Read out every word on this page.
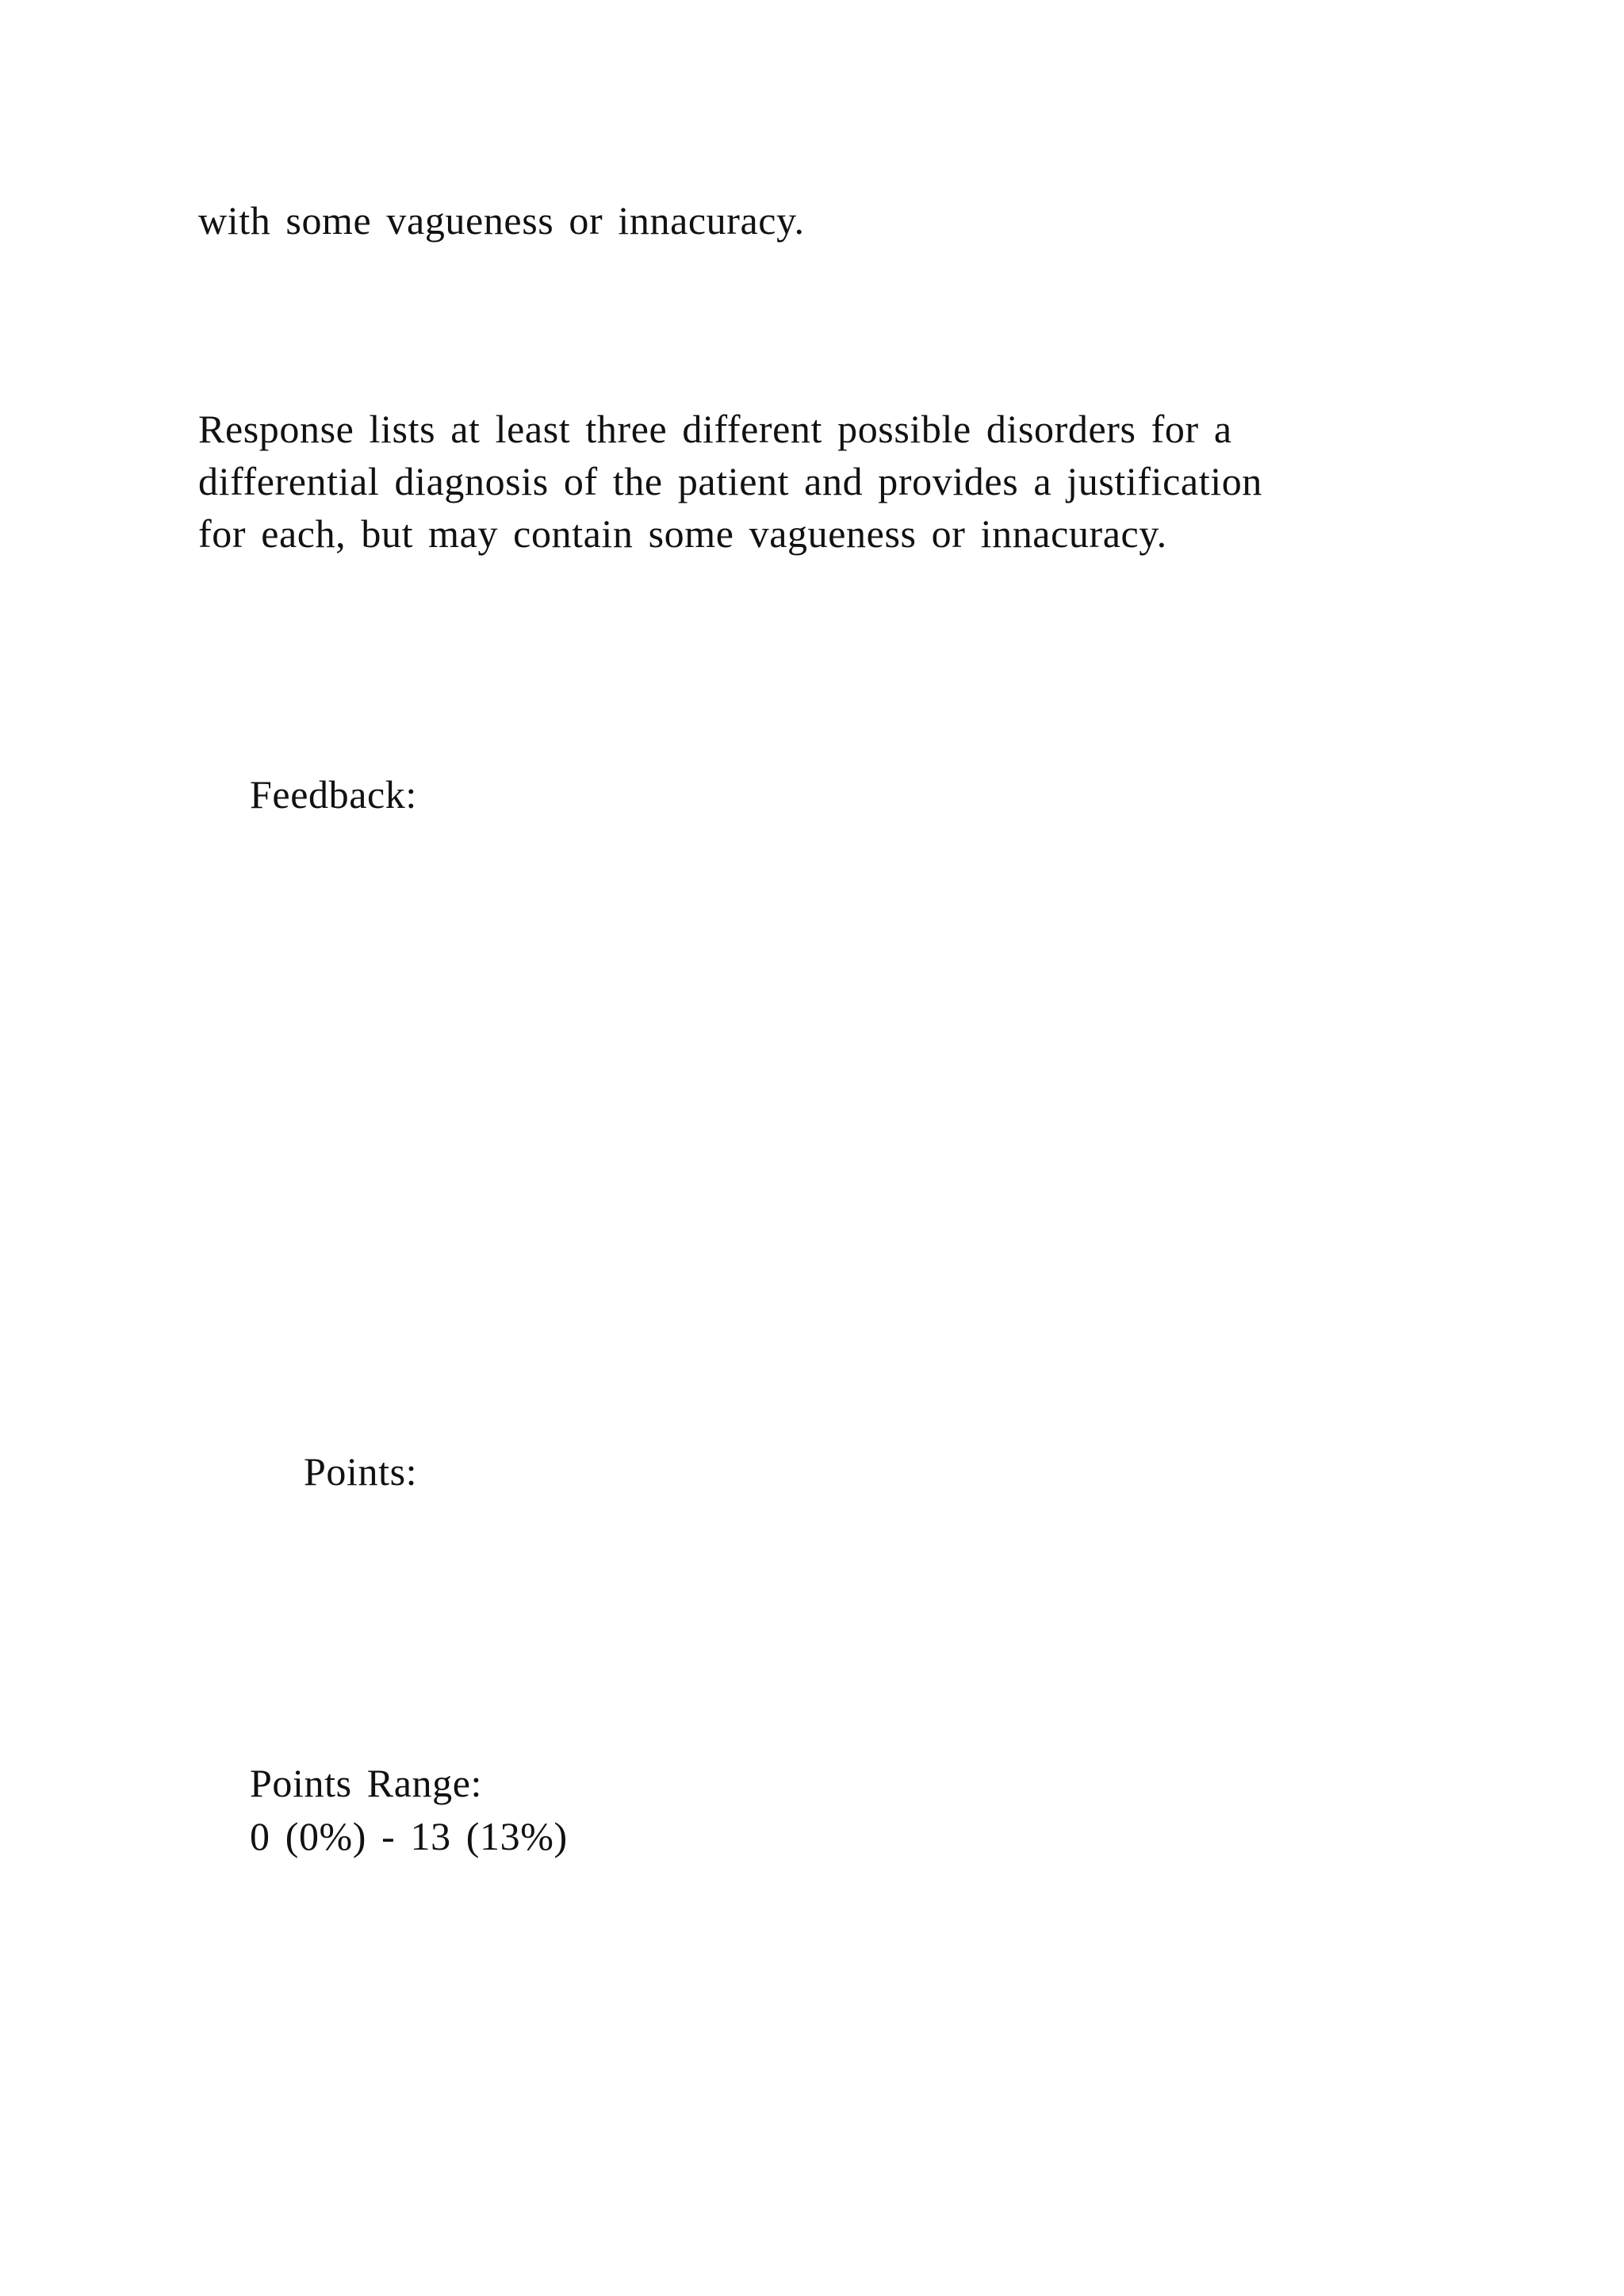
with some vagueness or innacuracy.

Response lists at least three different possible disorders for a
differential diagnosis of the patient and provides a justification
for each, but may contain some vagueness or innacuracy.

Feedback:

Points:

Points Range:

0 (0%) - 13 (13%)
